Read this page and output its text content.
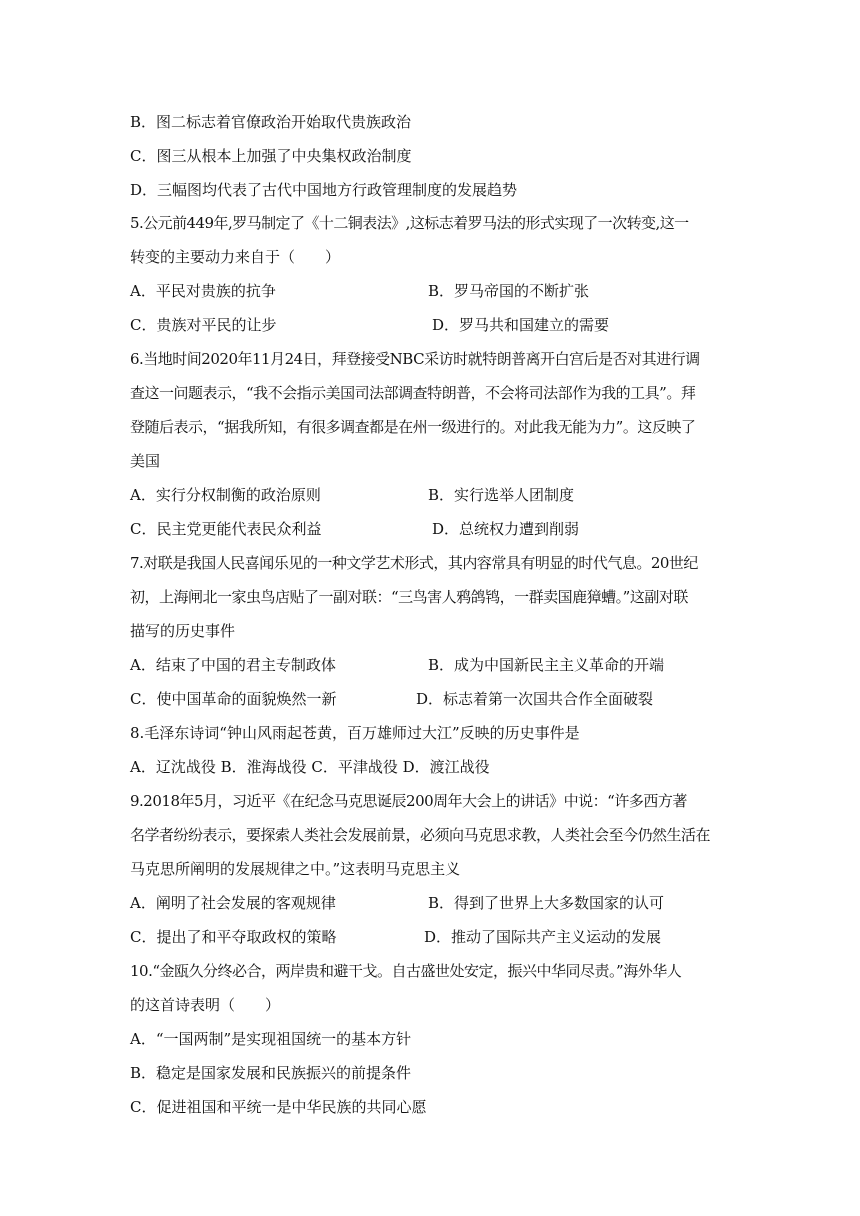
B．图二标志着官僚政治开始取代贵族政治
C．图三从根本上加强了中央集权政治制度
D．三幅图均代表了古代中国地方行政管理制度的发展趋势
5.公元前449年,罗马制定了《十二铜表法》,这标志着罗马法的形式实现了一次转变,这一
转变的主要动力来自于（　　）
A．平民对贵族的抗争	B．罗马帝国的不断扩张
C．贵族对平民的让步	D．罗马共和国建立的需要
6.当地时间2020年11月24日，拜登接受NBC采访时就特朗普离开白宫后是否对其进行调
查这一问题表示，“我不会指示美国司法部调查特朗普，不会将司法部作为我的工具”。拜
登随后表示，“据我所知，有很多调查都是在州一级进行的。对此我无能为力”。这反映了
美国
A．实行分权制衡的政治原则	B．实行选举人团制度
C．民主党更能代表民众利益	D．总统权力遭到削弱
7.对联是我国人民喜闻乐见的一种文学艺术形式，其内容常具有明显的时代气息。20世纪
初，上海闸北一家虫鸟店贴了一副对联：“三鸟害人鸦鸽鸨，一群卖国鹿獐螬。”这副对联
描写的历史事件
A．结束了中国的君主专制政体	B．成为中国新民主主义革命的开端
C．使中国革命的面貌焕然一新	D．标志着第一次国共合作全面破裂
8.毛泽东诗词“钟山风雨起苍黄，百万雄师过大江”反映的历史事件是
A．辽沈战役 B．淮海战役 C．平津战役 D．渡江战役
9.2018年5月，习近平《在纪念马克思诞辰200周年大会上的讲话》中说：“许多西方著
名学者纷纷表示，要探索人类社会发展前景，必须向马克思求教，人类社会至今仍然生活在
马克思所阐明的发展规律之中。”这表明马克思主义
A．阐明了社会发展的客观规律	B．得到了世界上大多数国家的认可
C．提出了和平夺取政权的策略	D．推动了国际共产主义运动的发展
10.“金瓯久分终必合，两岸贵和避干戈。自古盛世处安定，振兴中华同尽责。”海外华人
的这首诗表明（　　）
A．“一国两制”是实现祖国统一的基本方针
B．稳定是国家发展和民族振兴的前提条件
C．促进祖国和平统一是中华民族的共同心愿
